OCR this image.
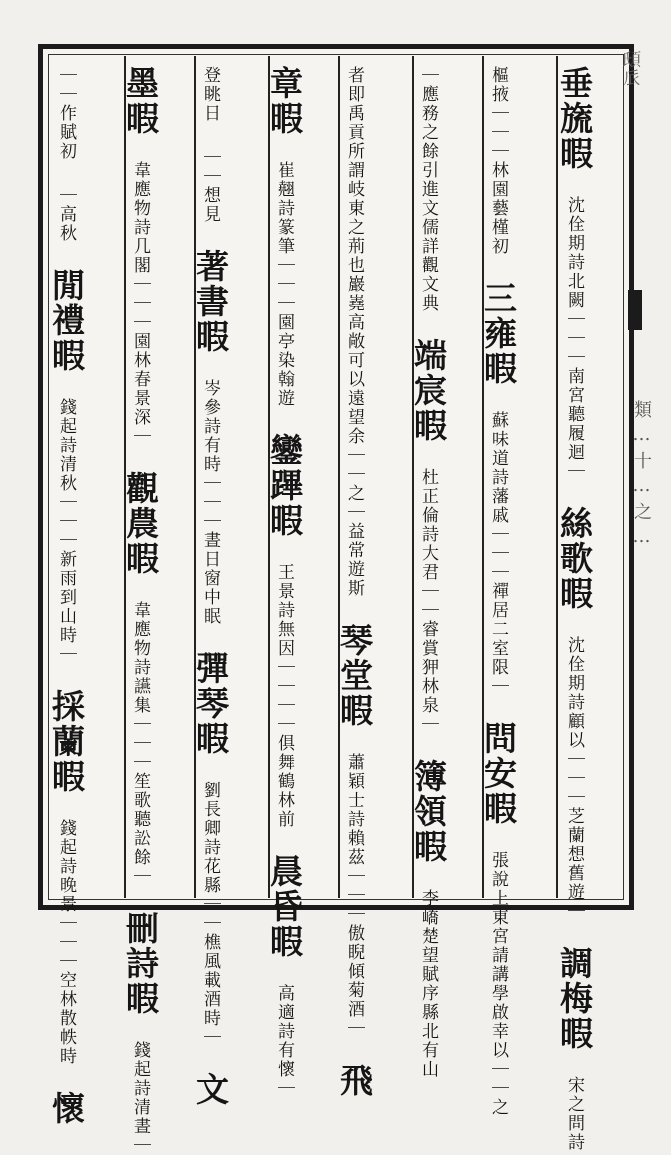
𩑥𠂢
類…十…之…
垂旒暇 沈佺期詩北闕｜｜｜南宮聽履迴｜ 絲歌暇 沈佺期詩顧以｜｜｜芝蘭想舊遊｜ 調梅暇 宋之問詩
樞掖｜｜｜林園藝槿初 三雍暇 蘇味道詩藩戚｜｜｜禪居二室限｜ 問安暇 張說上東宮請講學啟幸以｜｜之
｜應務之餘引進文儒詳觀文典 端宸暇 杜正倫詩大君｜｜睿賞狎林泉｜ 簿領暇 李嶠楚望賦序縣北有山
者即禹貢所謂岐東之荊也巖嶤高敞可以遠望余｜｜之｜益常遊斯 琴堂暇 蕭穎士詩賴茲｜｜｜傲睨傾菊酒｜ 飛
章暇 崔翹詩篆筆｜｜｜園亭染翰遊 鑾蹕暇 王景詩無因｜｜｜｜俱舞鶴林前 晨昏暇 高適詩有懷｜
登眺日 ｜｜想見 著書暇 岑參詩有時｜｜｜晝日窗中眠 彈琴暇 劉長卿詩花縣｜｜樵風載酒時｜ 文
墨暇 韋應物詩几閣｜｜｜園林春景深｜ 觀農暇 韋應物詩讌集｜｜｜笙歌聽訟餘｜ 刪詩暇 錢起詩清晝｜
｜｜作賦初 ｜高秋 閒禮暇 錢起詩清秋｜｜｜新雨到山時｜ 採蘭暇 錢起詩晚景｜｜｜空林散帙時 懷
